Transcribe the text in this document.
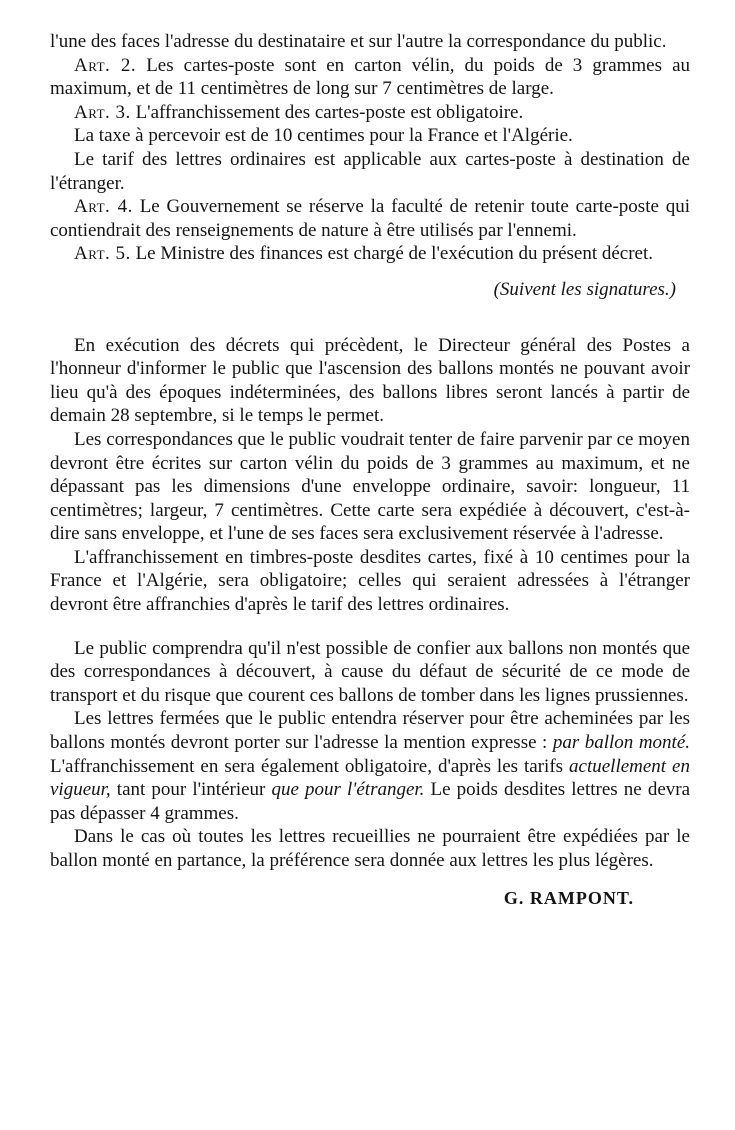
l'une des faces l'adresse du destinataire et sur l'autre la correspondance du public.

Art. 2. Les cartes-poste sont en carton vélin, du poids de 3 grammes au maximum, et de 11 centimètres de long sur 7 centimètres de large.

Art. 3. L'affranchissement des cartes-poste est obligatoire.

La taxe à percevoir est de 10 centimes pour la France et l'Algérie.

Le tarif des lettres ordinaires est applicable aux cartes-poste à destination de l'étranger.

Art. 4. Le Gouvernement se réserve la faculté de retenir toute carte-poste qui contiendrait des renseignements de nature à être utilisés par l'ennemi.

Art. 5. Le Ministre des finances est chargé de l'exécution du présent décret.

(Suivent les signatures.)

En exécution des décrets qui précèdent, le Directeur général des Postes a l'honneur d'informer le public que l'ascension des ballons montés ne pouvant avoir lieu qu'à des époques indéterminées, des ballons libres seront lancés à partir de demain 28 septembre, si le temps le permet.

Les correspondances que le public voudrait tenter de faire parvenir par ce moyen devront être écrites sur carton vélin du poids de 3 grammes au maximum, et ne dépassant pas les dimensions d'une enveloppe ordinaire, savoir: longueur, 11 centimètres; largeur, 7 centimètres. Cette carte sera expédiée à découvert, c'est-à-dire sans enveloppe, et l'une de ses faces sera exclusivement réservée à l'adresse.

L'affranchissement en timbres-poste desdites cartes, fixé à 10 centimes pour la France et l'Algérie, sera obligatoire; celles qui seraient adressées à l'étranger devront être affranchies d'après le tarif des lettres ordinaires.

Le public comprendra qu'il n'est possible de confier aux ballons non montés que des correspondances à découvert, à cause du défaut de sécurité de ce mode de transport et du risque que courent ces ballons de tomber dans les lignes prussiennes.

Les lettres fermées que le public entendra réserver pour être acheminées par les ballons montés devront porter sur l'adresse la mention expresse : par ballon monté. L'affranchissement en sera également obligatoire, d'après les tarifs actuellement en vigueur, tant pour l'intérieur que pour l'étranger. Le poids desdites lettres ne devra pas dépasser 4 grammes.

Dans le cas où toutes les lettres recueillies ne pourraient être expédiées par le ballon monté en partance, la préférence sera donnée aux lettres les plus légères.

G. RAMPONT.
